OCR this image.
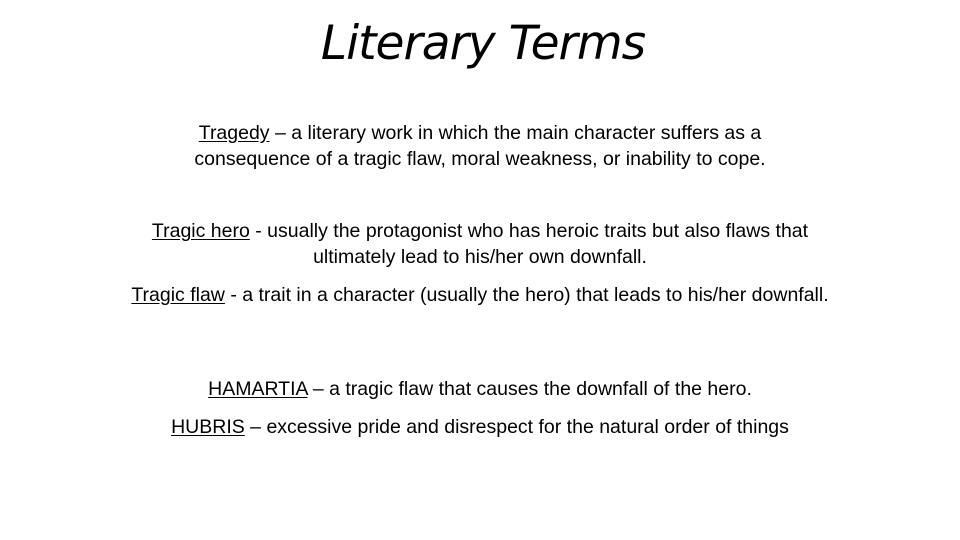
Literary Terms
Tragedy – a literary work in which the main character suffers as a consequence of a tragic flaw, moral weakness, or inability to cope.
Tragic hero - usually the protagonist who has heroic traits but also flaws that ultimately lead to his/her own downfall.
Tragic flaw - a trait in a character (usually the hero) that leads to his/her downfall.
HAMARTIA – a tragic flaw that causes the downfall of the hero.
HUBRIS – excessive pride and disrespect for the natural order of things
